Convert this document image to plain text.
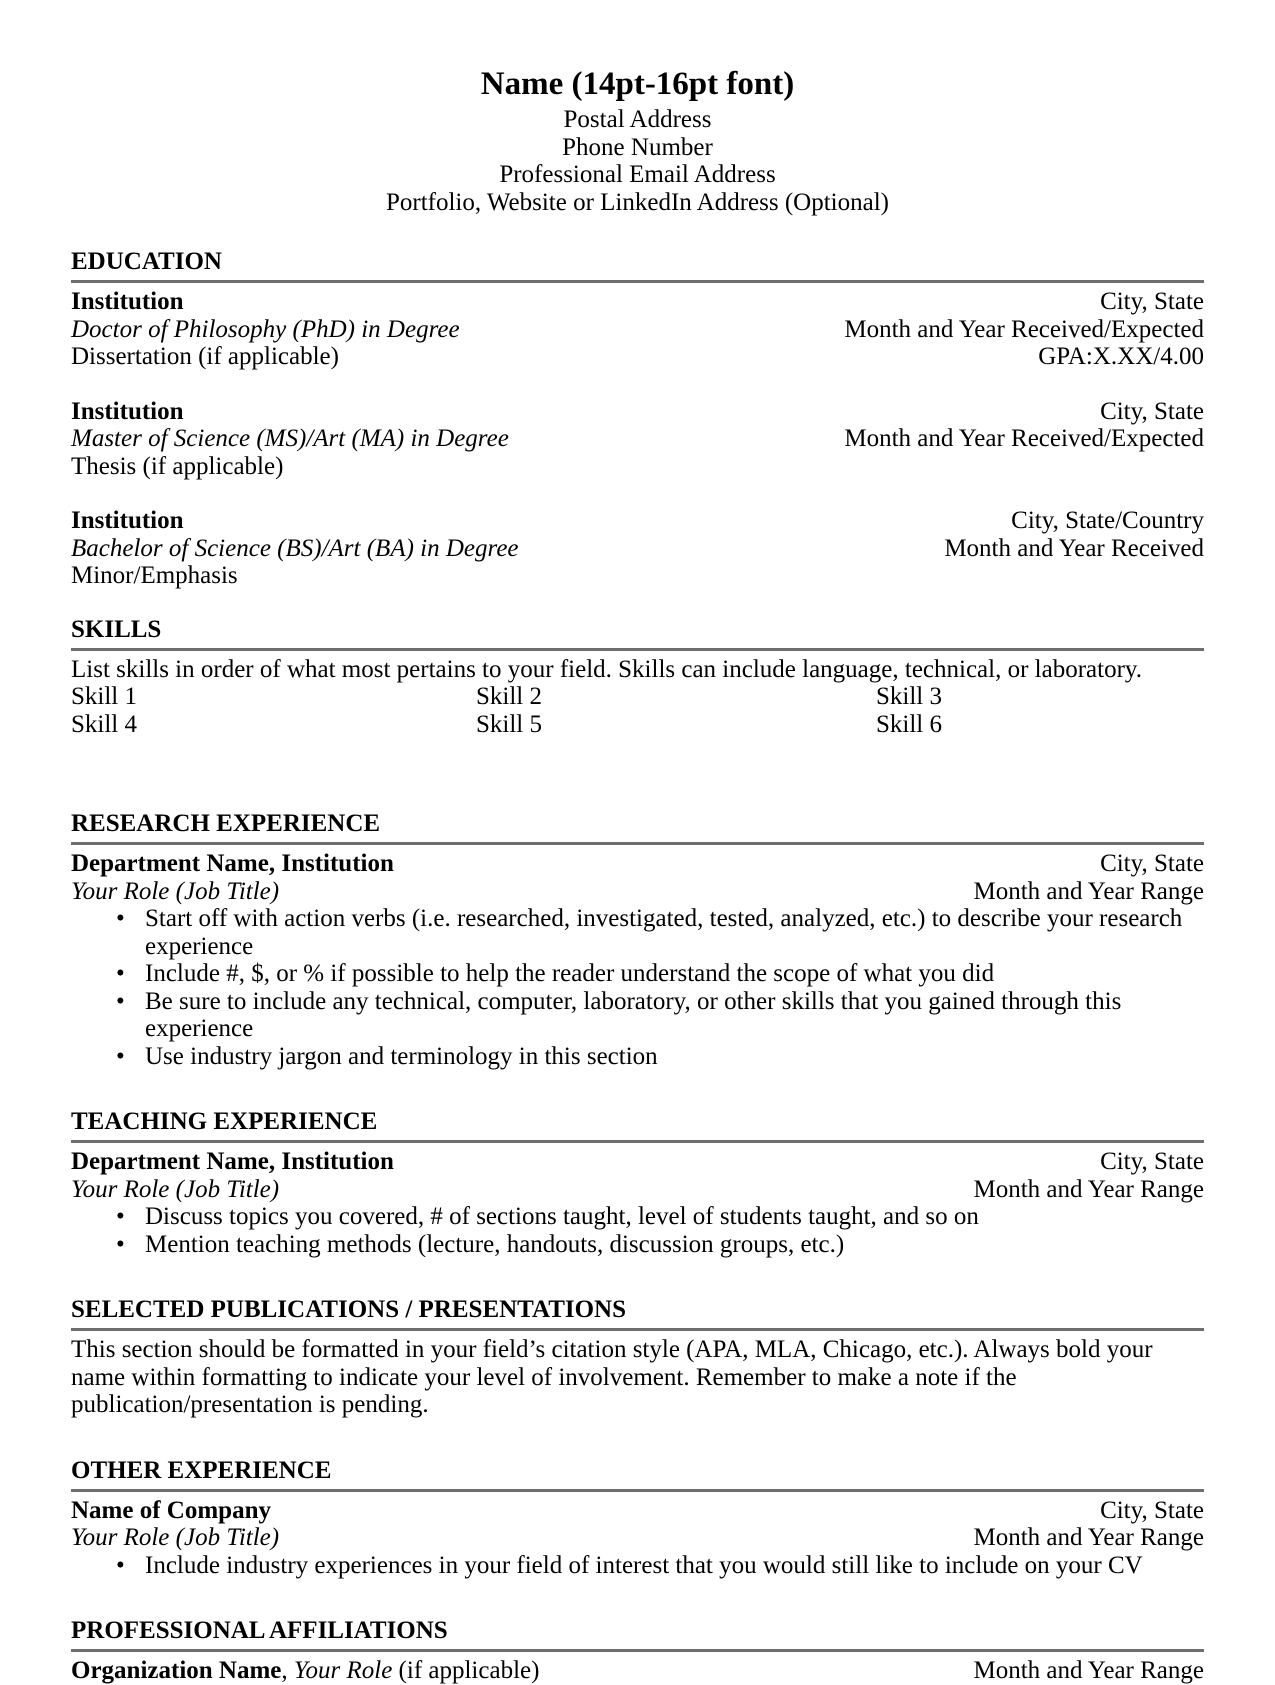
Name (14pt-16pt font)
Postal Address
Phone Number
Professional Email Address
Portfolio, Website or LinkedIn Address (Optional)
EDUCATION
Institution	City, State
Doctor of Philosophy (PhD) in Degree	Month and Year Received/Expected
Dissertation (if applicable)	GPA:X.XX/4.00
Institution	City, State
Master of Science (MS)/Art (MA) in Degree	Month and Year Received/Expected
Thesis (if applicable)
Institution	City, State/Country
Bachelor of Science (BS)/Art (BA) in Degree	Month and Year Received
Minor/Emphasis
SKILLS
List skills in order of what most pertains to your field. Skills can include language, technical, or laboratory.
Skill 1	Skill 2	Skill 3
Skill 4	Skill 5	Skill 6
RESEARCH EXPERIENCE
Department Name, Institution	City, State
Your Role (Job Title)	Month and Year Range
• Start off with action verbs (i.e. researched, investigated, tested, analyzed, etc.) to describe your research experience
• Include #, $, or % if possible to help the reader understand the scope of what you did
• Be sure to include any technical, computer, laboratory, or other skills that you gained through this experience
• Use industry jargon and terminology in this section
TEACHING EXPERIENCE
Department Name, Institution	City, State
Your Role (Job Title)	Month and Year Range
• Discuss topics you covered, # of sections taught, level of students taught, and so on
• Mention teaching methods (lecture, handouts, discussion groups, etc.)
SELECTED PUBLICATIONS / PRESENTATIONS
This section should be formatted in your field’s citation style (APA, MLA, Chicago, etc.). Always bold your name within formatting to indicate your level of involvement. Remember to make a note if the publication/presentation is pending.
OTHER EXPERIENCE
Name of Company	City, State
Your Role (Job Title)	Month and Year Range
• Include industry experiences in your field of interest that you would still like to include on your CV
PROFESSIONAL AFFILIATIONS
Organization Name, Your Role (if applicable)	Month and Year Range
